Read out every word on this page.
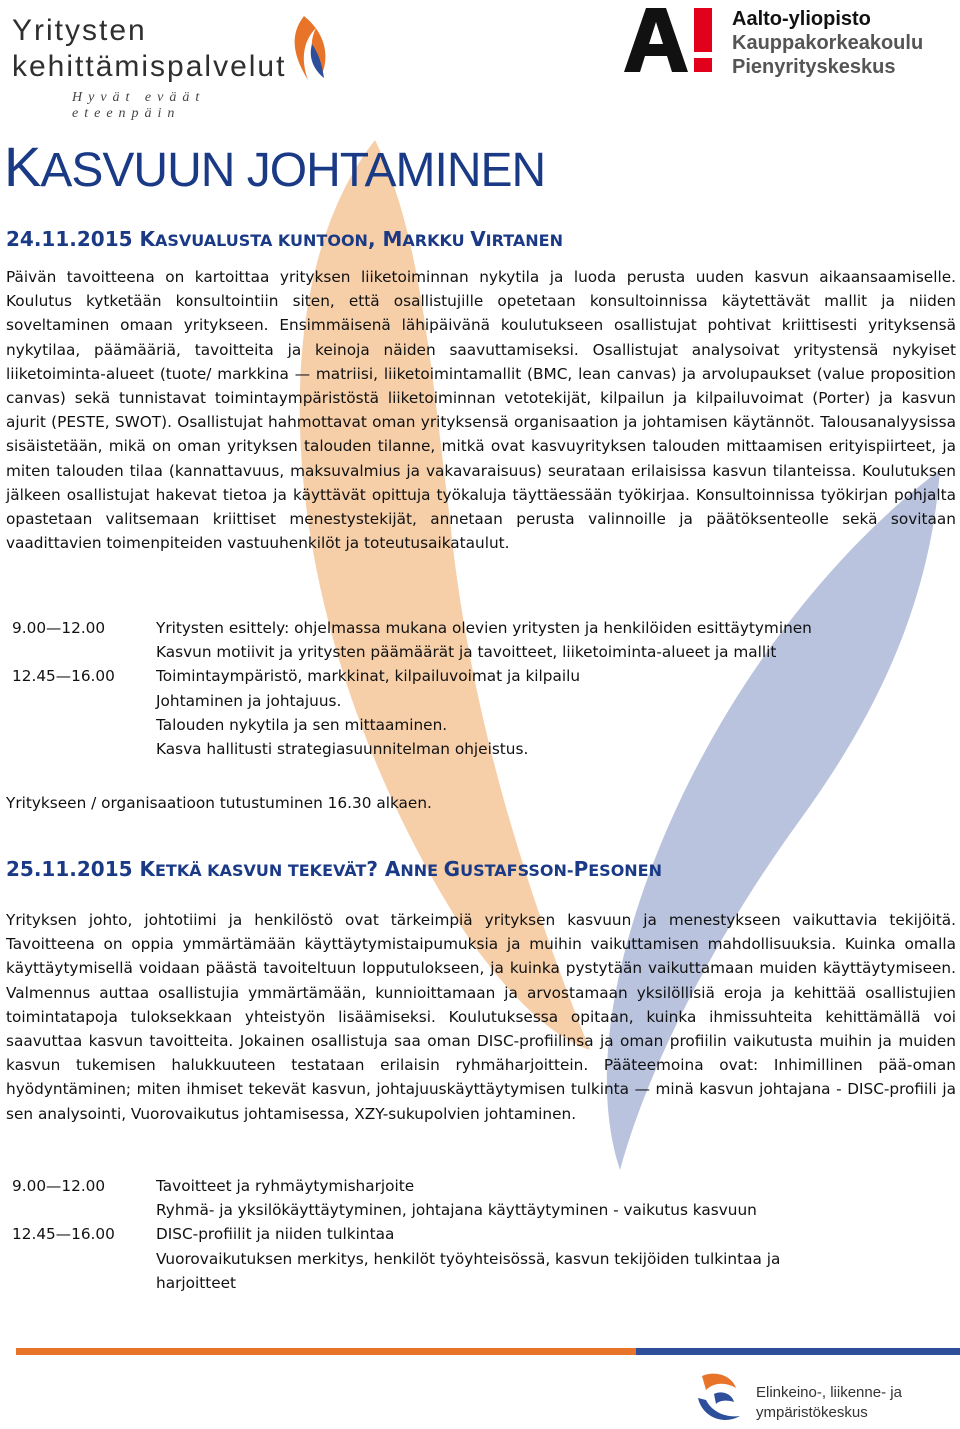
Yritysten
kehittämispalvelut
Hyvät eväät eteenpäin
Aalto-yliopisto
Kauppakorkeakoulu
Pienyrityskeskus
KASVUUN JOHTAMINEN
24.11.2015 KASVUALUSTA KUNTOON, MARKKU VIRTANEN
Päivän tavoitteena on kartoittaa yrityksen liiketoiminnan nykytila ja luoda perusta uuden kasvun aikaansaamiselle. Koulutus kytketään konsultointiin siten, että osallistujille opetetaan konsultoinnissa käytettävät mallit ja niiden soveltaminen omaan yritykseen. Ensimmäisenä lähipäivänä koulutukseen osallistujat pohtivat kriittisesti yrityksensä nykytilaa, päämääriä, tavoitteita ja keinoja näiden saavuttamiseksi. Osallistujat analysoivat yritystensä nykyiset liiketoiminta-alueet (tuote/ markkina — matriisi, liiketoimintamallit (BMC, lean canvas) ja arvolupaukset (value proposition canvas) sekä tunnistavat toimintaympäristöstä liiketoiminnan vetotekijät, kilpailun ja kilpailuvoimat (Porter) ja kasvun ajurit (PESTE, SWOT). Osallistujat hahmottavat oman yrityksensä organisaation ja johtamisen käytännöt. Talousanalyysissa sisäistetään, mikä on oman yrityksen talouden tilanne, mitkä ovat kasvuyrityksen talouden mittaamisen erityispiirteet, ja miten talouden tilaa (kannattavuus, maksuvalmius ja vakavaraisuus) seurataan erilaisissa kasvun tilanteissa. Koulutuksen jälkeen osallistujat hakevat tietoa ja käyttävät opittuja työkaluja täyttäessään työkirjaa. Konsultoinnissa työkirjan pohjalta opastetaan valitsemaan kriittiset menestystekijät, annetaan perusta valinnoille ja päätöksenteolle sekä sovitaan vaadittavien toimenpiteiden vastuuhenkilöt ja toteutusaikataulut.
9.00—12.00	Yritysten esittely: ohjelmassa mukana olevien yritysten ja henkilöiden esittäytyminen
Kasvun motiivit ja yritysten päämäärät ja tavoitteet, liiketoiminta-alueet ja mallit
12.45—16.00	Toimintaympäristö, markkinat, kilpailuvoimat ja kilpailu
Johtaminen ja johtajuus.
Talouden nykytila ja sen mittaaminen.
Kasva hallitusti strategiasuunnitelman ohjeistus.
Yritykseen / organisaatioon tutustuminen 16.30 alkaen.
25.11.2015 KETKÄ KASVUN TEKEVÄT? ANNE GUSTAFSSON-PESONEN
Yrityksen johto, johtotiimi ja henkilöstö ovat tärkeimpiä yrityksen kasvuun ja menestykseen vaikuttavia tekijöitä. Tavoitteena on oppia ymmärtämään käyttäytymistaipumuksia ja muihin vaikuttamisen mahdollisuuksia. Kuinka omalla käyttäytymisellä voidaan päästä tavoiteltuun lopputulokseen, ja kuinka pystytään vaikuttamaan muiden käyttäytymiseen. Valmennus auttaa osallistujia ymmärtämään, kunnioittamaan ja arvostamaan yksilöllisiä eroja ja kehittää osallistujien toimintatapoja tuloksekkaan yhteistyön lisäämiseksi. Koulutuksessa opitaan, kuinka ihmissuhteita kehittämällä voi saavuttaa kasvun tavoitteita. Jokainen osallistuja saa oman DISC-profiilinsa ja oman profiilin vaikutusta muihin ja muiden kasvun tukemisen halukkuuteen testataan erilaisin ryhmäharjoittein. Pääteemoina ovat: Inhimillinen pää-oman hyödyntäminen; miten ihmiset tekevät kasvun, johtajuuskäyttäytymisen tulkinta — minä kasvun johtajana - DISC-profiili ja sen analysointi, Vuorovaikutus johtamisessa, XZY-sukupolvien johtaminen.
9.00—12.00	Tavoitteet ja ryhmäytymisharjoite
Ryhmä- ja yksilökäyttäytyminen, johtajana käyttäytyminen - vaikutus kasvuun
12.45—16.00	DISC-profiilit ja niiden tulkintaa
Vuorovaikutuksen merkitys, henkilöt työyhteisössä, kasvun tekijöiden tulkintaa ja harjoitteet
Elinkeino-, liikenne- ja
ympäristökeskus
